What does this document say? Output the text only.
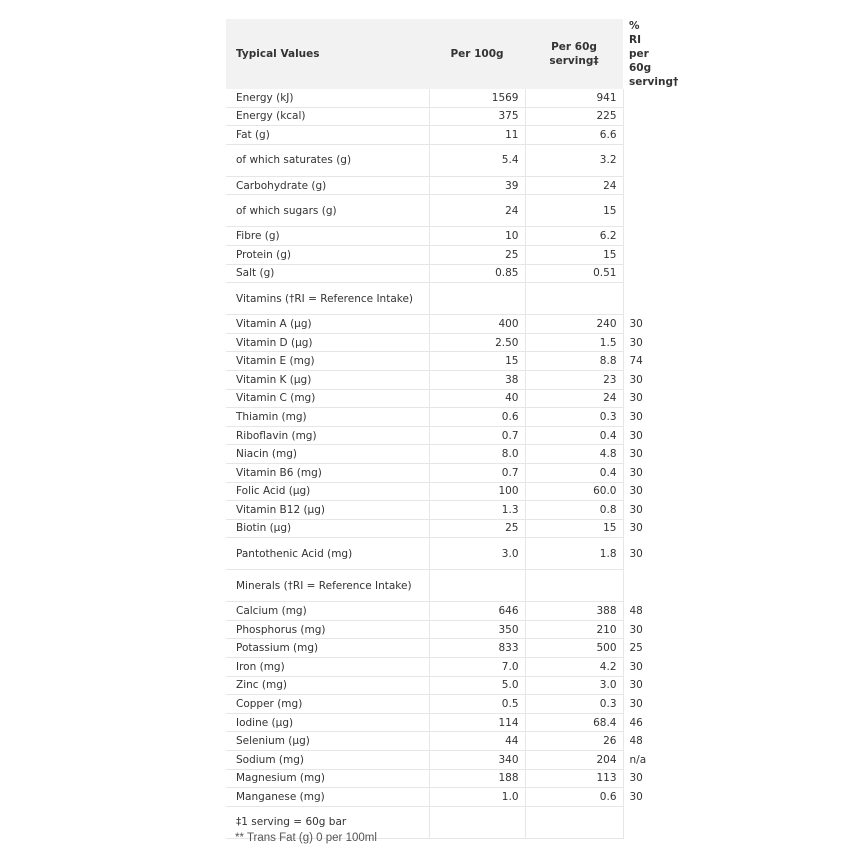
Typical Values	Per 100g	Per 60g serving‡	% RI per 60g serving†
Energy (kJ)	1569	941	
Energy (kcal)	375	225	
Fat (g)	11	6.6	
of which saturates (g)	5.4	3.2	
Carbohydrate (g)	39	24	
of which sugars (g)	24	15	
Fibre (g)	10	6.2	
Protein (g)	25	15	
Salt (g)	0.85	0.51	
Vitamins (†RI = Reference Intake)			
Vitamin A (µg)	400	240	30
Vitamin D (µg)	2.50	1.5	30
Vitamin E (mg)	15	8.8	74
Vitamin K (µg)	38	23	30
Vitamin C (mg)	40	24	30
Thiamin (mg)	0.6	0.3	30
Riboflavin (mg)	0.7	0.4	30
Niacin (mg)	8.0	4.8	30
Vitamin B6 (mg)	0.7	0.4	30
Folic Acid (µg)	100	60.0	30
Vitamin B12 (µg)	1.3	0.8	30
Biotin (µg)	25	15	30
Pantothenic Acid (mg)	3.0	1.8	30
Minerals (†RI = Reference Intake)			
Calcium (mg)	646	388	48
Phosphorus (mg)	350	210	30
Potassium (mg)	833	500	25
Iron (mg)	7.0	4.2	30
Zinc (mg)	5.0	3.0	30
Copper (mg)	0.5	0.3	30
Iodine (µg)	114	68.4	46
Selenium (µg)	44	26	48
Sodium (mg)	340	204	n/a
Magnesium (mg)	188	113	30
Manganese (mg)	1.0	0.6	30
‡1 serving = 60g bar			
** Trans Fat (g) 0 per 100ml
